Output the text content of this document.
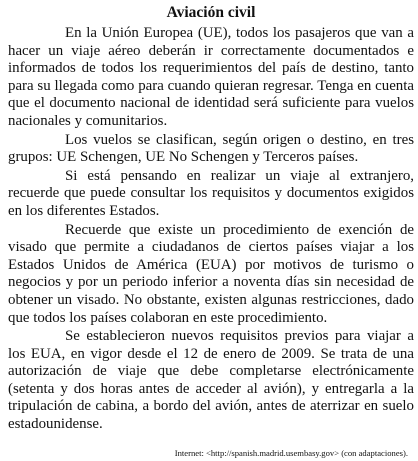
Aviación civil

En la Unión Europea (UE), todos los pasajeros que van a hacer un viaje aéreo deberán ir correctamente documentados e informados de todos los requerimientos del país de destino, tanto para su llegada como para cuando quieran regresar. Tenga en cuenta que el documento nacional de identidad será suficiente para vuelos nacionales y comunitarios.

Los vuelos se clasifican, según origen o destino, en tres grupos: UE Schengen, UE No Schengen y Terceros países.

Si está pensando en realizar un viaje al extranjero, recuerde que puede consultar los requisitos y documentos exigidos en los diferentes Estados.

Recuerde que existe un procedimiento de exención de visado que permite a ciudadanos de ciertos países viajar a los Estados Unidos de América (EUA) por motivos de turismo o negocios y por un periodo inferior a noventa días sin necesidad de obtener un visado. No obstante, existen algunas restricciones, dado que todos los países colaboran en este procedimiento.

Se establecieron nuevos requisitos previos para viajar a los EUA, en vigor desde el 12 de enero de 2009. Se trata de una autorización de viaje que debe completarse electrónicamente (setenta y dos horas antes de acceder al avión), y entregarla a la tripulación de cabina, a bordo del avión, antes de aterrizar en suelo estadounidense.

Internet: <http://spanish.madrid.usembasy.gov> (con adaptaciones).
